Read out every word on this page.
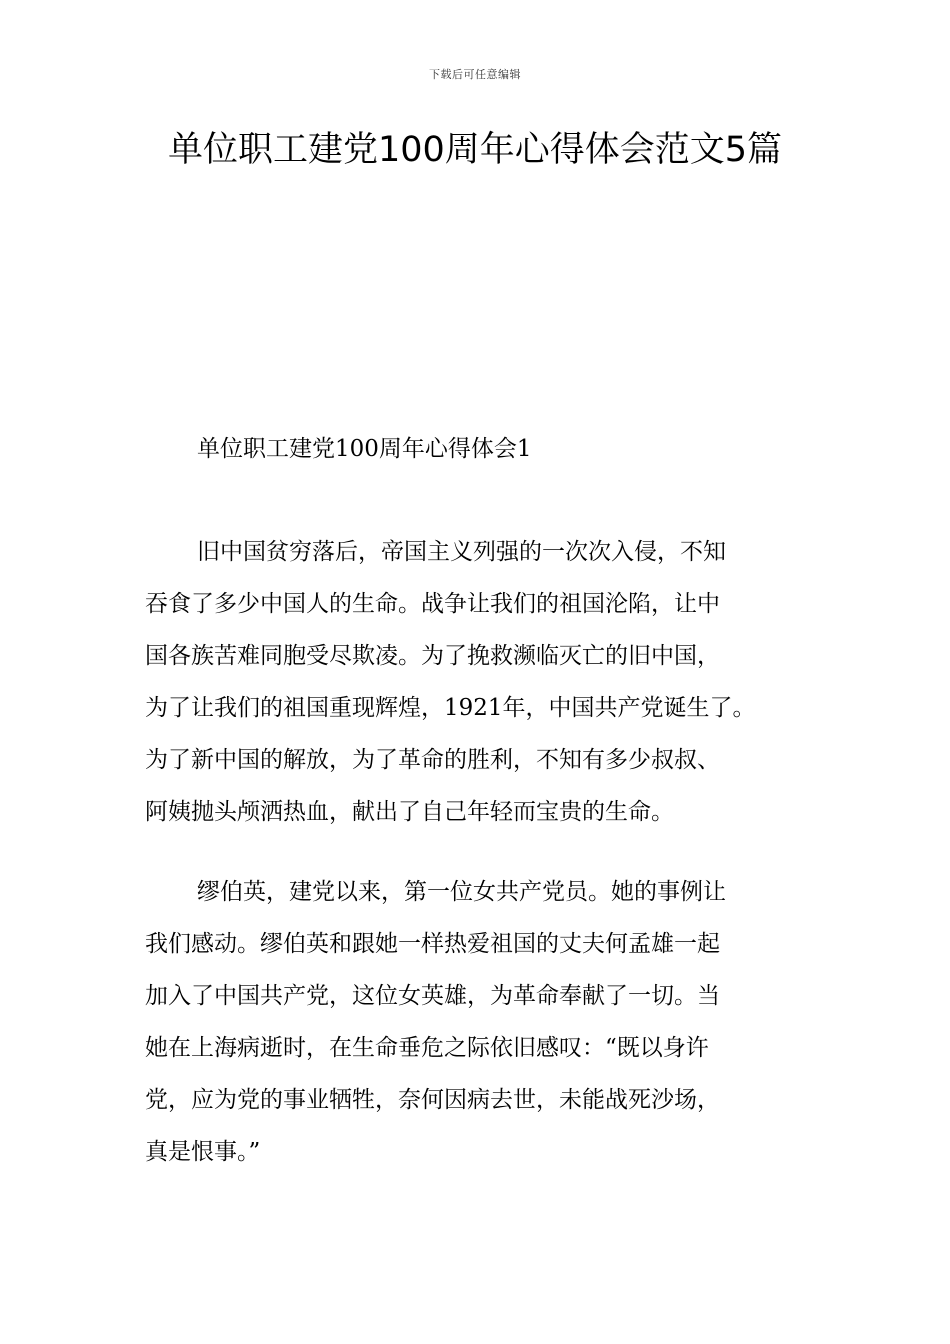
下载后可任意编辑
单位职工建党100周年心得体会范文5篇
单位职工建党100周年心得体会1

旧中国贫穷落后，帝国主义列强的一次次入侵，不知
吞食了多少中国人的生命。战争让我们的祖国沦陷，让中
国各族苦难同胞受尽欺凌。为了挽救濒临灭亡的旧中国，
为了让我们的祖国重现辉煌，1921年，中国共产党诞生了。
为了新中国的解放，为了革命的胜利，不知有多少叔叔、
阿姨抛头颅洒热血，献出了自己年轻而宝贵的生命。

缪伯英，建党以来，第一位女共产党员。她的事例让
我们感动。缪伯英和跟她一样热爱祖国的丈夫何孟雄一起
加入了中国共产党，这位女英雄，为革命奉献了一切。当
她在上海病逝时，在生命垂危之际依旧感叹：“既以身许
党，应为党的事业牺牲，奈何因病去世，未能战死沙场，
真是恨事。”
